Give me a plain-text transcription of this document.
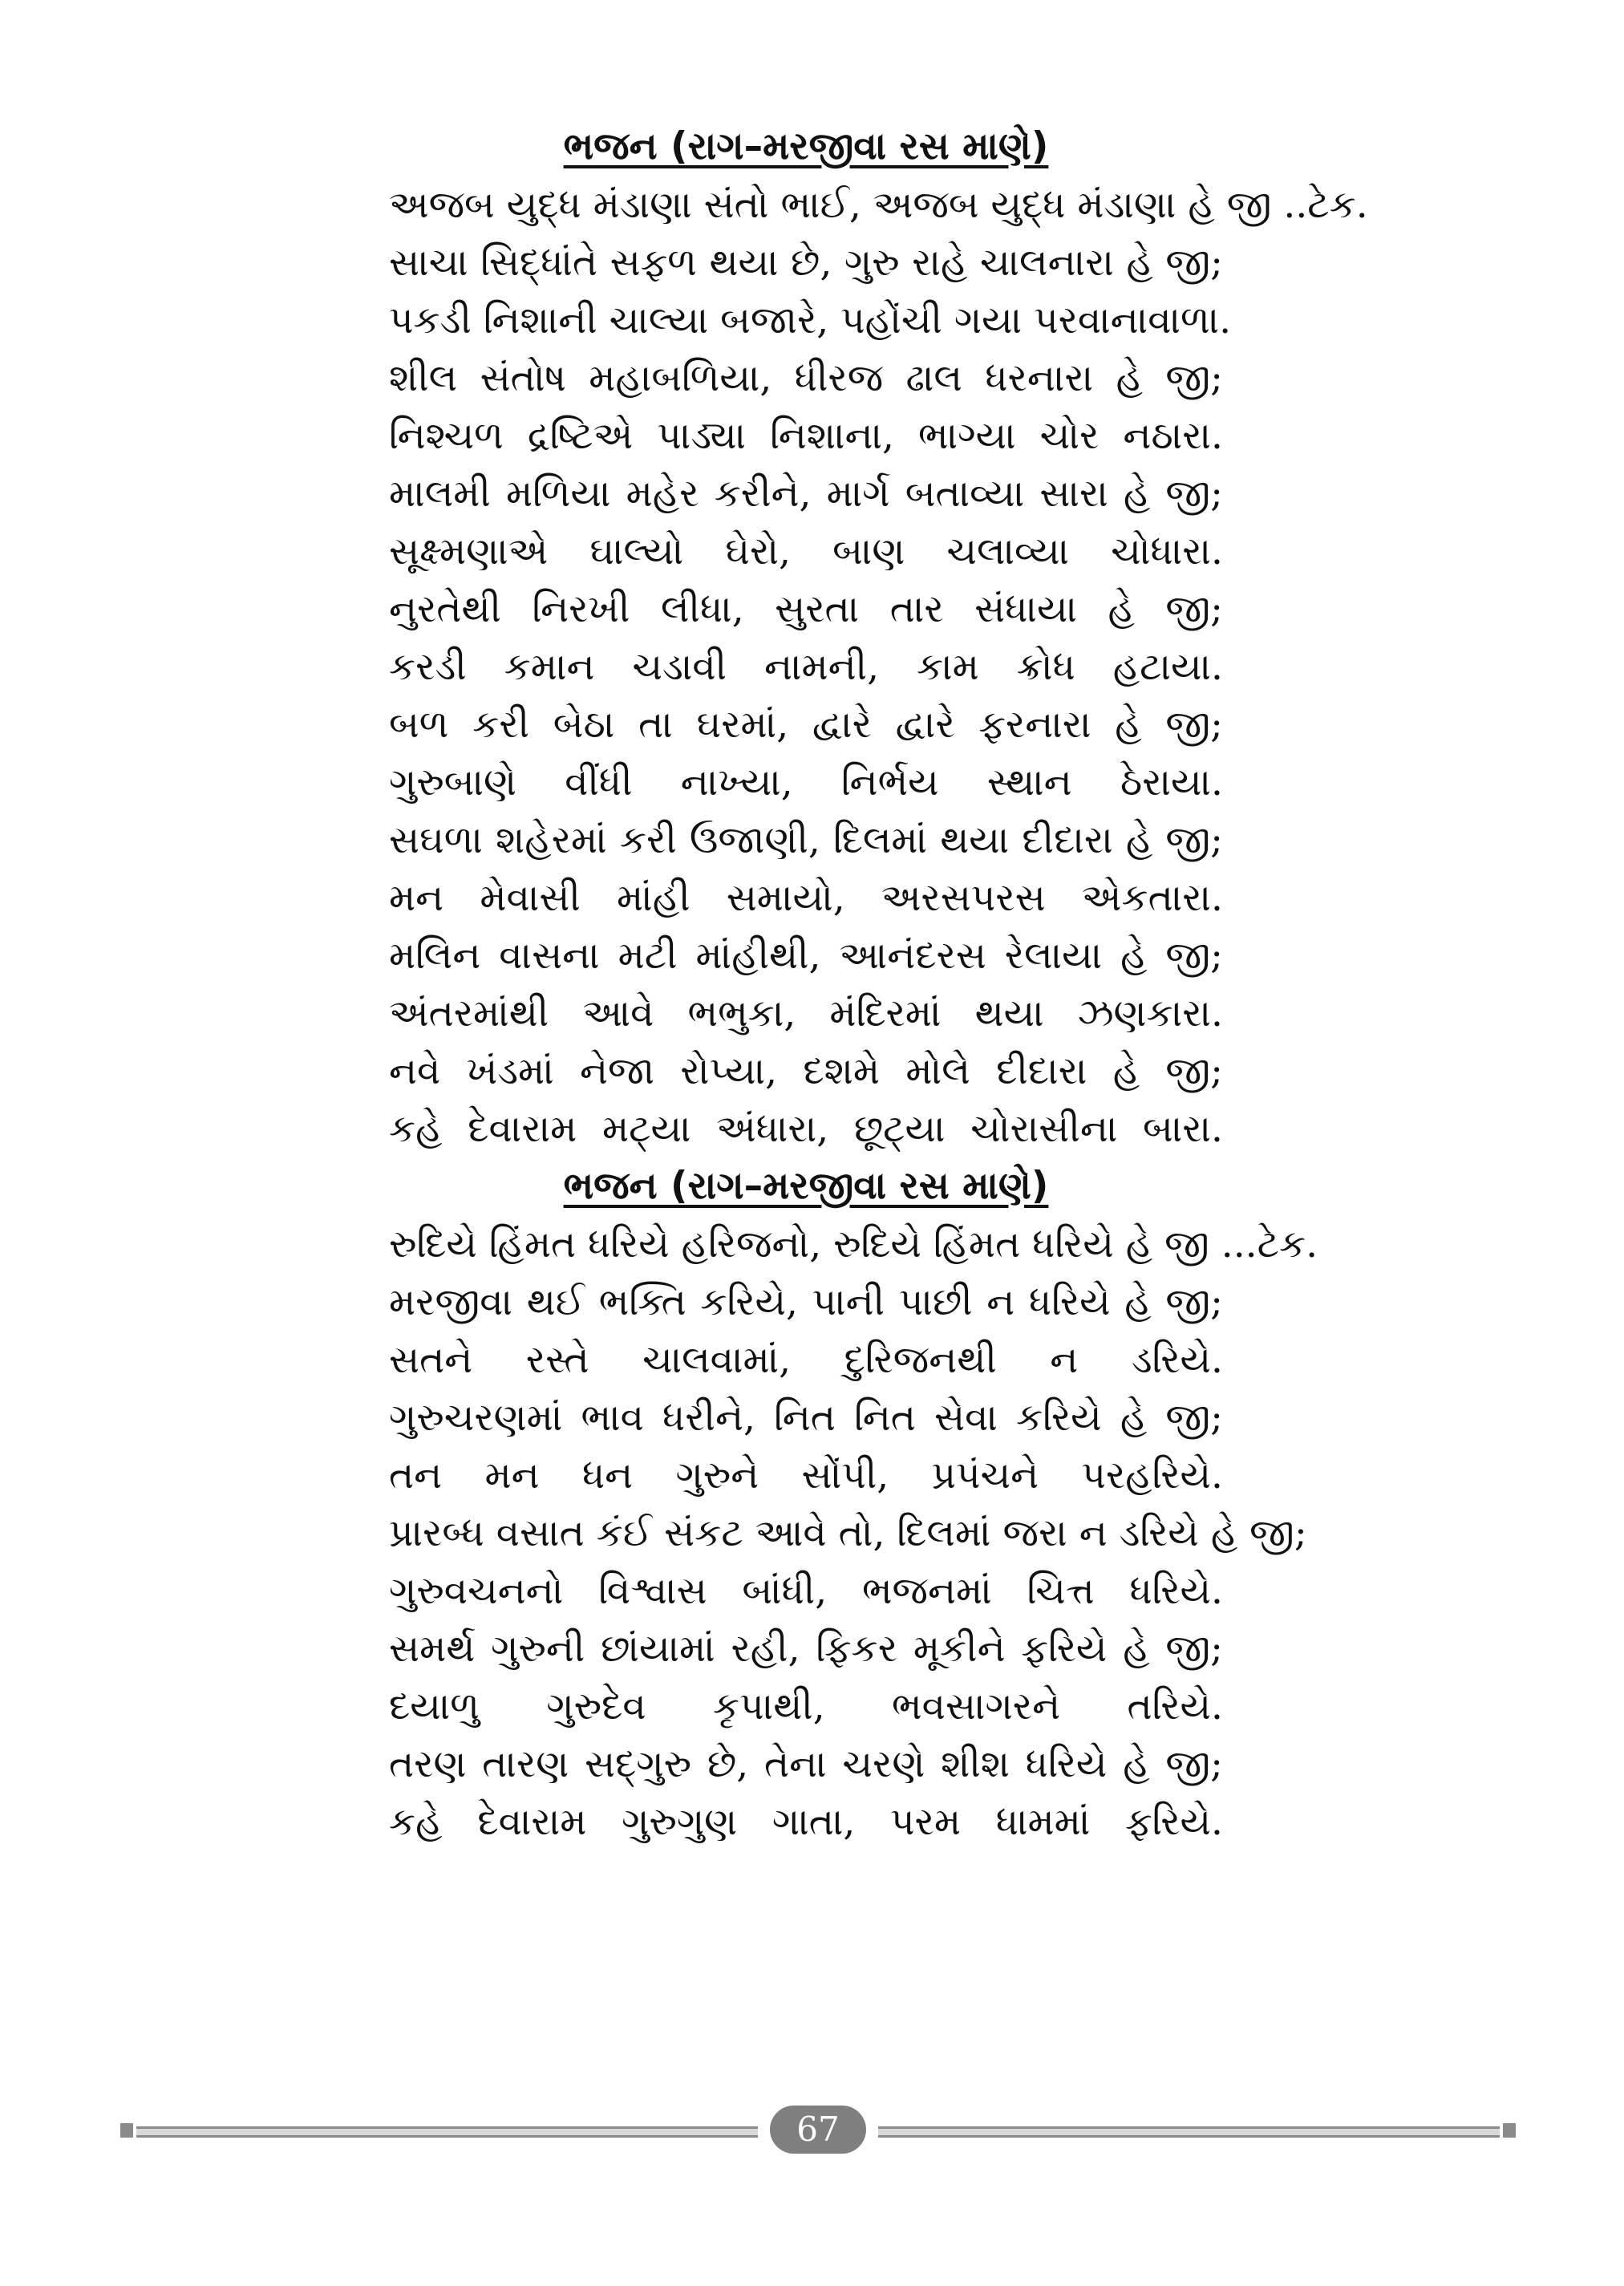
ભજન (રાગ–મરજીવા રસ માણે)
અજબ યુદ્ધ મંડાણા સંતો ભાઈ, અજબ યુદ્ધ મંડાણા હે જી ..ટેક.
સાચા સિદ્ધાંતે સફળ થયા છે, ગુરુ રાહે ચાલનારા હે જી;
પકડી નિશાની ચાલ્યા બજારે, પહોંચી ગયા પરવાનાવાળા.
શીલ સંતોષ મહાબળિયા, ધીરજ ઢાલ ધરનારા હે જી;
નિશ્ચળ દ્રષ્ટિએ પાડ્યા નિશાના, ભાગ્યા ચોર નઠારા.
માલમી મળિયા મહેર કરીને, માર્ગ બતાવ્યા સારા હે જી;
સૂક્ષ્મણાએ ઘાલ્યો ઘેરો, બાણ ચલાવ્યા ચોધારા.
નુરતેથી નિરખી લીધા, સુરતા તાર સંધાયા હે જી;
કરડી કમાન ચડાવી નામની, કામ ક્રોધ હટાયા.
બળ કરી બેઠા તા ઘરમાં, દ્વારે દ્વારે ફરનારા હે જી;
ગુરુબાણે વીંધી નાખ્યા, નિર્ભય સ્થાન ઠેરાયા.
સઘળા શહેરમાં કરી ઉજાણી, દિલમાં થયા દીદારા હે જી;
મન મેવાસી માંહી સમાયો, અરસપરસ એકતારા.
મલિન વાસના મટી માંહીથી, આનંદરસ રેલાયા હે જી;
અંતરમાંથી આવે ભભુકા, મંદિરમાં થયા ઝણકારા.
નવે ખંડમાં નેજા રોપ્યા, દશમે મોલે દીદારા હે જી;
કહે દેવારામ મટ્યા અંધારા, છૂટ્યા ચોરાસીના બારા.
ભજન (રાગ–મરજીવા રસ માણે)
રુદિયે હિંમત ધરિયે હરિજનો, રુદિયે હિંમત ધરિયે હે જી ...ટેક.
મરજીવા થઈ ભક્તિ કરિયે, પાની પાછી ન ધરિયે હે જી;
સતને રસ્તે ચાલવામાં, દુરિજનથી ન ડરિયે.
ગુરુચરણમાં ભાવ ધરીને, નિત નિત સેવા કરિયે હે જી;
તન મન ધન ગુરુને સોંપી, પ્રપંચને પરહરિયે.
પ્રારબ્ધ વસાત કંઈ સંકટ આવે તો, દિલમાં જરા ન ડરિયે હે જી;
ગુરુવચનનો વિશ્વાસ બાંધી, ભજનમાં ચિત્ત ધરિયે.
સમર્થ ગુરુની છાંયામાં રહી, ફિકર મૂકીને ફરિયે હે જી;
દયાળુ ગુરુદેવ કૃપાથી, ભવસાગરને તરિયે.
તરણ તારણ સદ્‌ગુરુ છે, તેના ચરણે શીશ ધરિયે હે જી;
કહે દેવારામ ગુરુગુણ ગાતા, પરમ ધામમાં ફરિયે.
67
